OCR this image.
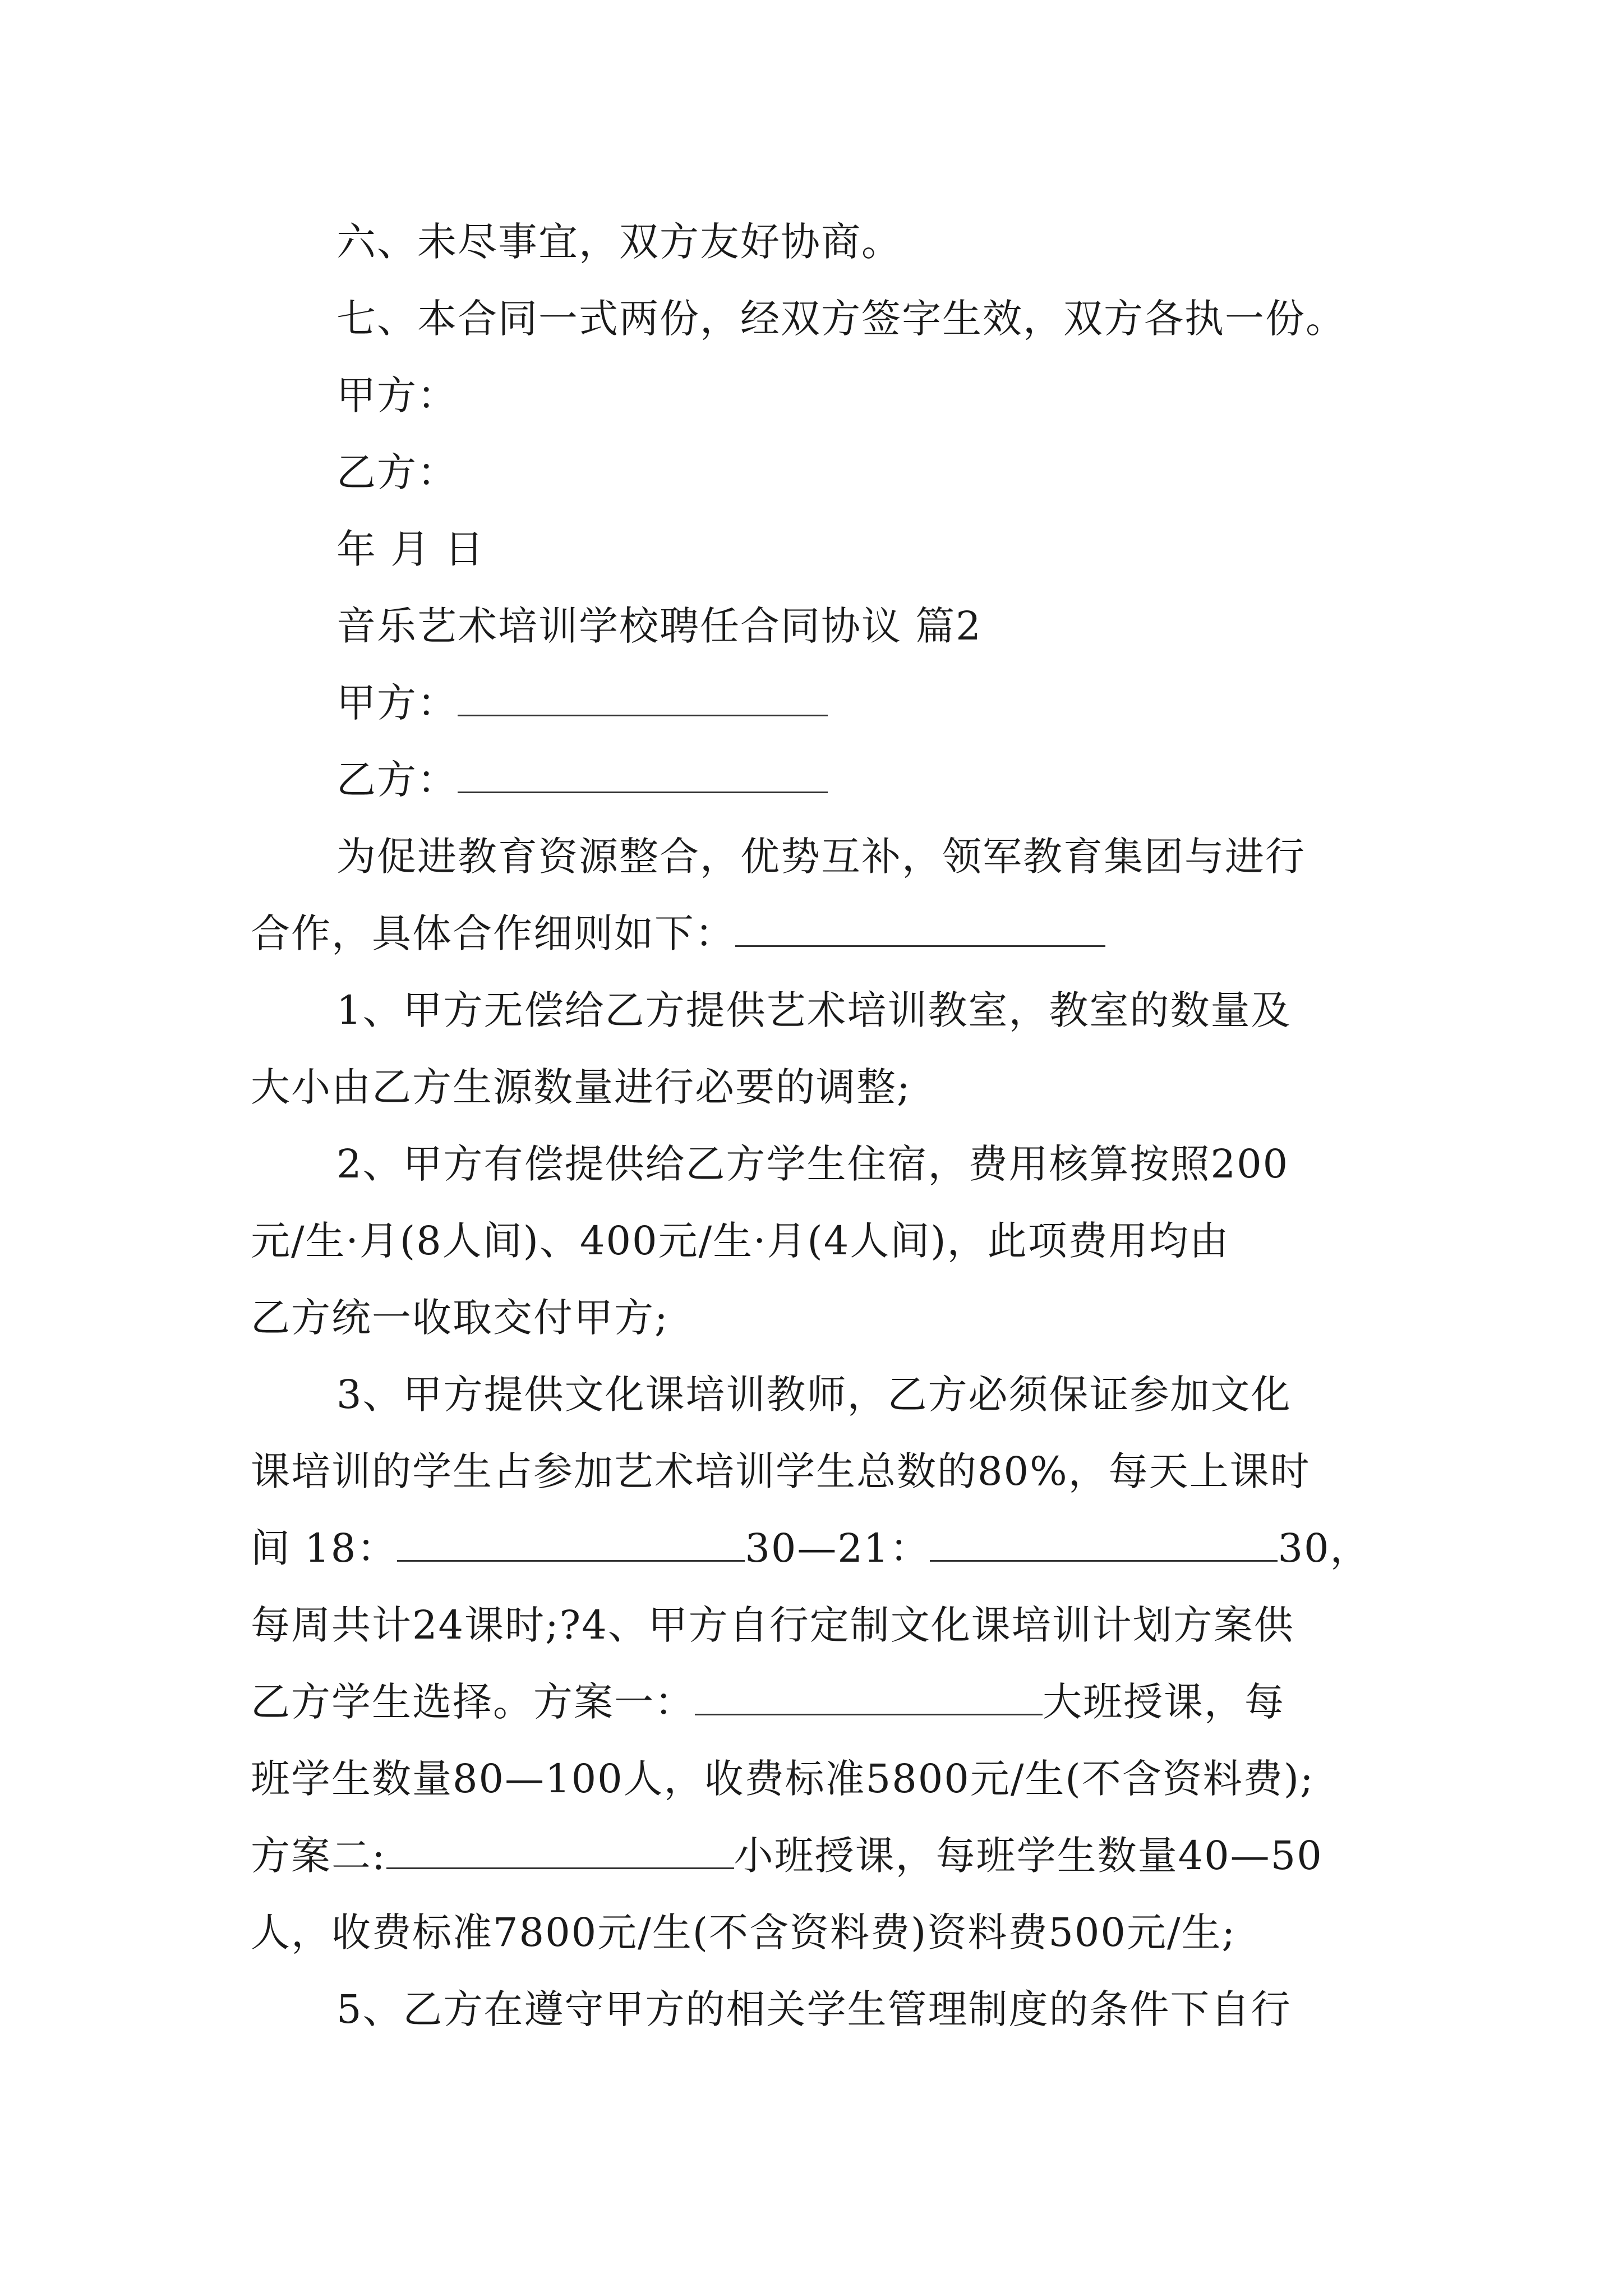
六、未尽事宜，双方友好协商。
七、本合同一式两份，经双方签字生效，双方各执一份。
甲方：
乙方：
年 月 日
音乐艺术培训学校聘任合同协议 篇2
甲方：
乙方：
为促进教育资源整合，优势互补，领军教育集团与进行
合作，具体合作细则如下：
1、甲方无偿给乙方提供艺术培训教室，教室的数量及
大小由乙方生源数量进行必要的调整;
2、甲方有偿提供给乙方学生住宿，费用核算按照200
元/生·月(8人间)、400元/生·月(4人间)，此项费用均由
乙方统一收取交付甲方;
3、甲方提供文化课培训教师，乙方必须保证参加文化
课培训的学生占参加艺术培训学生总数的80%，每天上课时
间 18：	30—21：	30，
每周共计24课时;?4、甲方自行定制文化课培训计划方案供
乙方学生选择。方案一：	大班授课，每
班学生数量80—100人，收费标准5800元/生(不含资料费);
方案二:	小班授课，每班学生数量40—50
人，收费标准7800元/生(不含资料费)资料费500元/生;
5、乙方在遵守甲方的相关学生管理制度的条件下自行
